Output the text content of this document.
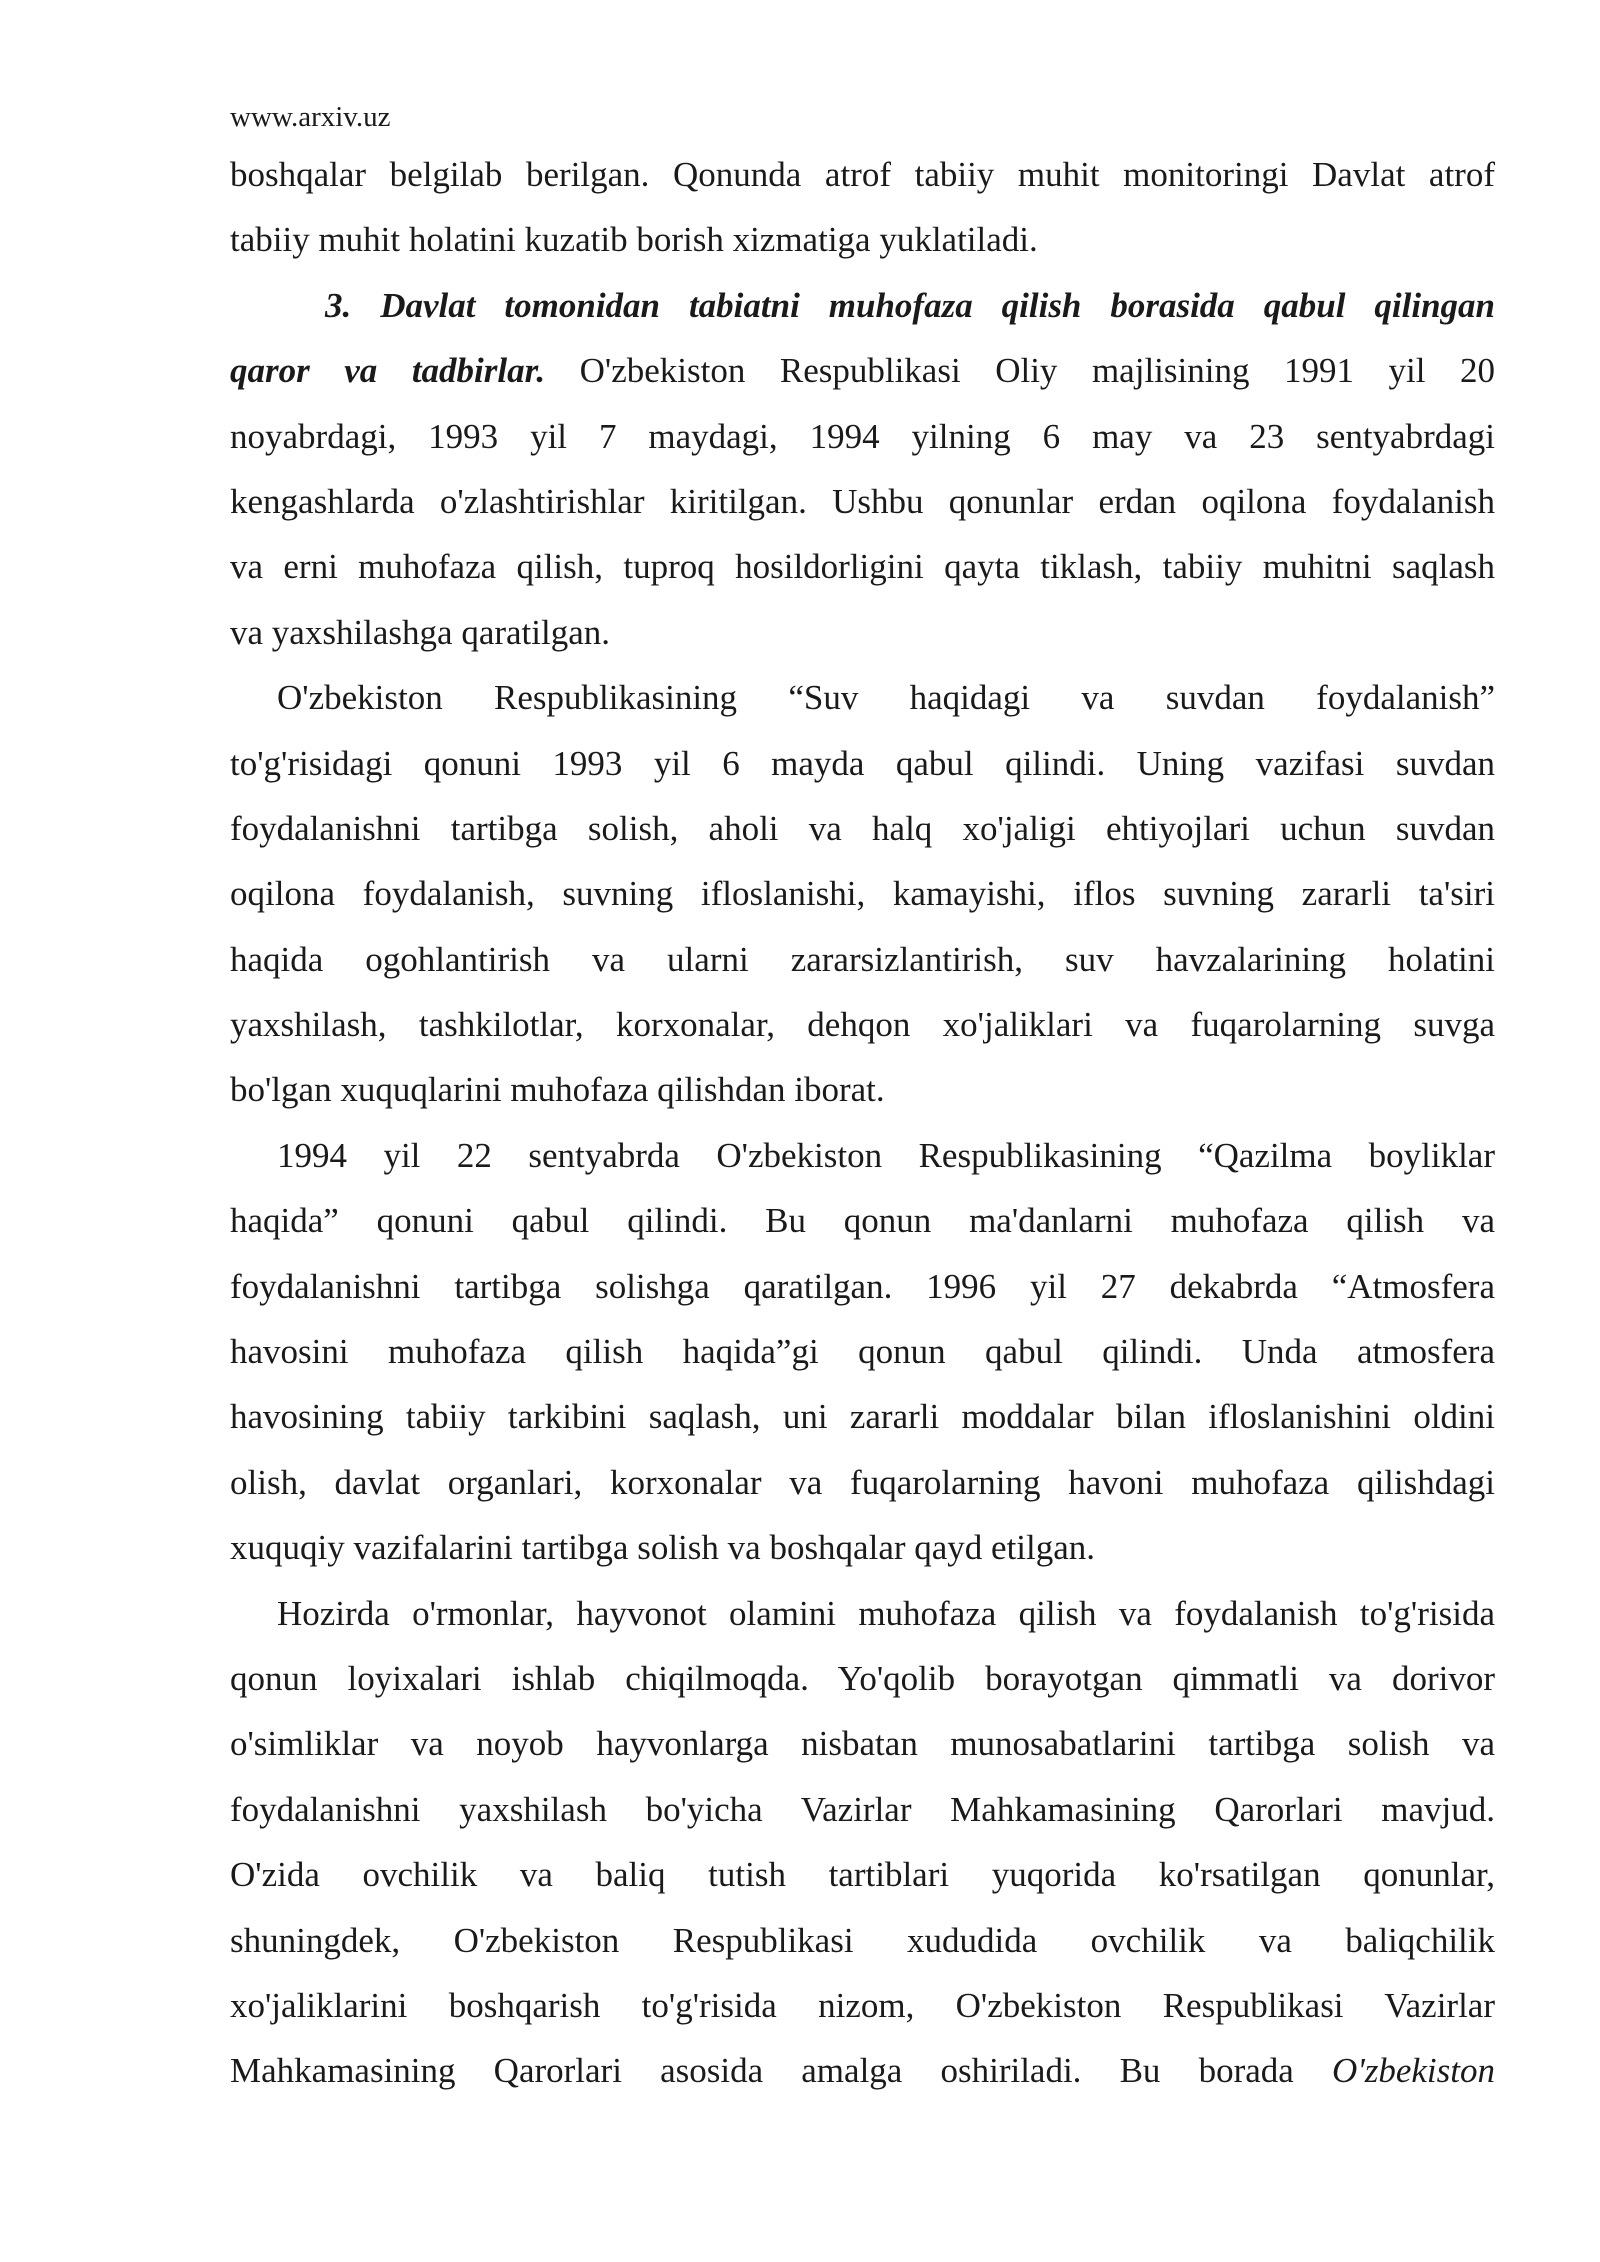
www.arxiv.uz

boshqalar belgilab berilgan. Qonunda atrof tabiiy muhit monitoringi Davlat atrof

tabiiy muhit holatini kuzatib borish xizmatiga yuklatiladi.

3. Davlat tomonidan tabiatni muhofaza qilish borasida qabul qilingan

qaror va tadbirlar. O'zbekiston Respublikasi Oliy majlisining 1991 yil 20

noyabrdagi, 1993 yil 7 maydagi, 1994 yilning 6 may va 23 sentyabrdagi

kengashlarda o'zlashtirishlar kiritilgan. Ushbu qonunlar erdan oqilona foydalanish

va erni muhofaza qilish, tuproq hosildorligini qayta tiklash, tabiiy muhitni saqlash

va yaxshilashga qaratilgan.

O'zbekiston Respublikasining “Suv haqidagi va suvdan foydalanish”

to'g'risidagi qonuni 1993 yil 6 mayda qabul qilindi. Uning vazifasi suvdan

foydalanishni tartibga solish, aholi va halq xo'jaligi ehtiyojlari uchun suvdan

oqilona foydalanish, suvning ifloslanishi, kamayishi, iflos suvning zararli ta'siri

haqida ogohlantirish va ularni zararsizlantirish, suv havzalarining holatini

yaxshilash, tashkilotlar, korxonalar, dehqon xo'jaliklari va fuqarolarning suvga

bo'lgan xuquqlarini muhofaza qilishdan iborat.

1994 yil 22 sentyabrda O'zbekiston Respublikasining “Qazilma boyliklar

haqida” qonuni qabul qilindi. Bu qonun ma'danlarni muhofaza qilish va

foydalanishni tartibga solishga qaratilgan. 1996 yil 27 dekabrda “Atmosfera

havosini muhofaza qilish haqida”gi qonun qabul qilindi. Unda atmosfera

havosining tabiiy tarkibini saqlash, uni zararli moddalar bilan ifloslanishini oldini

olish, davlat organlari, korxonalar va fuqarolarning havoni muhofaza qilishdagi

xuquqiy vazifalarini tartibga solish va boshqalar qayd etilgan.

Hozirda o'rmonlar, hayvonot olamini muhofaza qilish va foydalanish to'g'risida

qonun loyixalari ishlab chiqilmoqda. Yo'qolib borayotgan qimmatli va dorivor

o'simliklar va noyob hayvonlarga nisbatan munosabatlarini tartibga solish va

foydalanishni yaxshilash bo'yicha Vazirlar Mahkamasining Qarorlari mavjud.

O'zida ovchilik va baliq tutish tartiblari yuqorida ko'rsatilgan qonunlar,

shuningdek, O'zbekiston Respublikasi xududida ovchilik va baliqchilik

xo'jaliklarini boshqarish to'g'risida nizom, O'zbekiston Respublikasi Vazirlar

Mahkamasining Qarorlari asosida amalga oshiriladi. Bu borada O'zbekiston
